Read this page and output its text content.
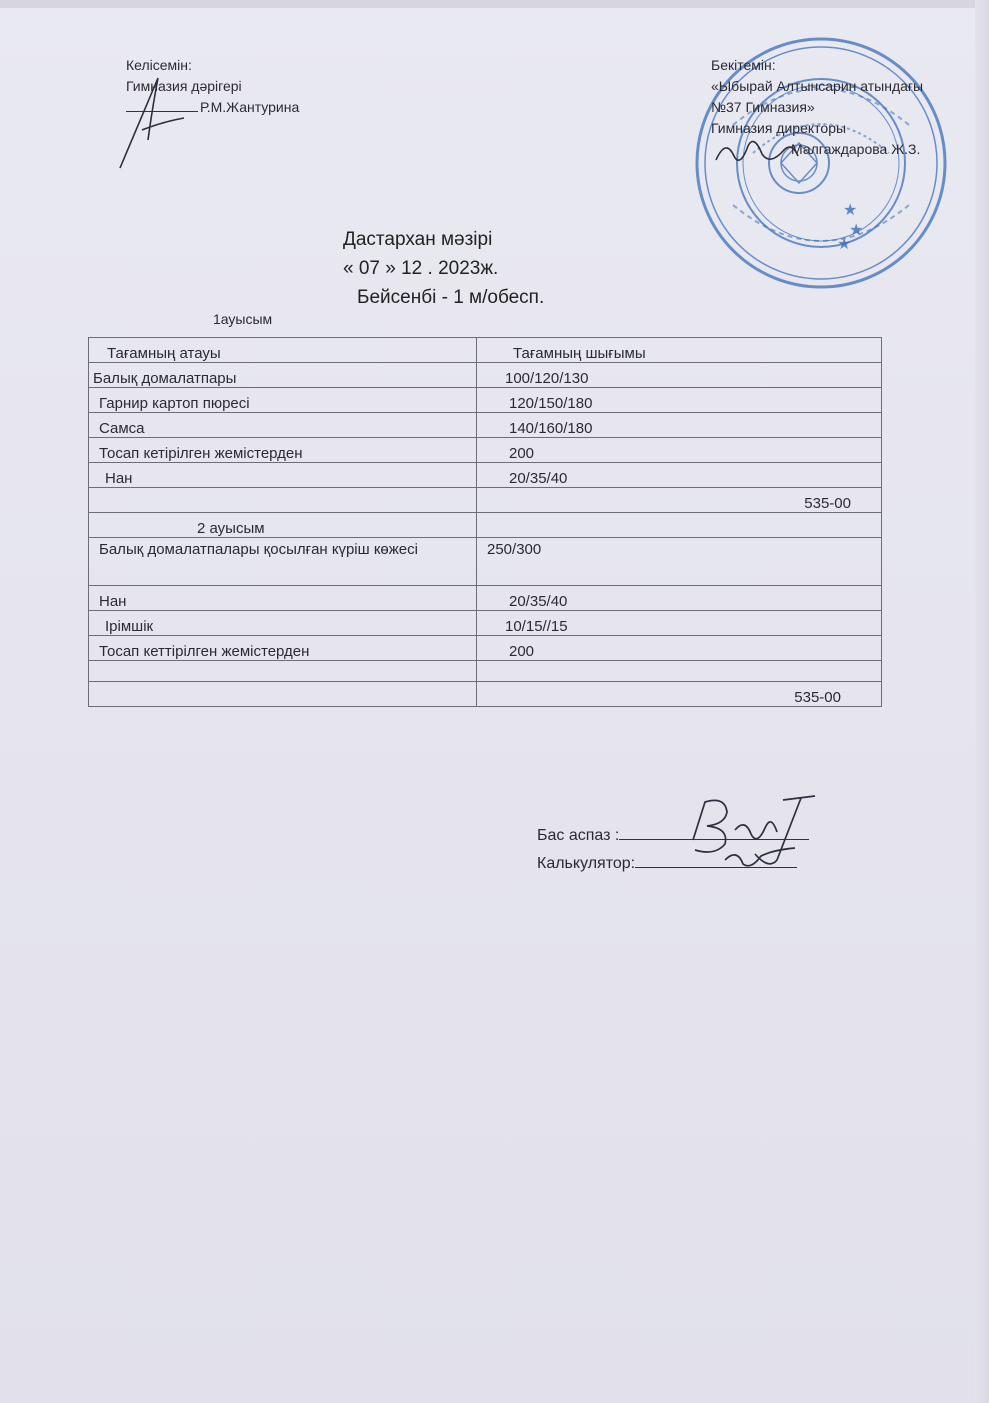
Келісемін:
Гимназия дәрігері
Р.М.Жантурина
★
★
★
Бекітемін:
«Ыбырай Алтынсарин атындағы
№37 Гимназия»
Гимназия директоры
Малгаждарова Ж.З.
Дастархан мәзірі
« 07 » 12 . 2023ж.
Бейсенбі - 1 м/обесп.
1ауысым
Тағамның атауы	Тағамның шығымы
Балық домалатпары	100/120/130
Гарнир картоп пюресі	120/150/180
Самса	140/160/180
Тосап кетірілген жемістерден	200
Нан	20/35/40
	535-00
2 ауысым	
Балық домалатпалары қосылған күріш көжесі	250/300
Нан	20/35/40
Ірімшік	10/15//15
Тосап кеттірілген жемістерден	200

	535-00
Бас аспаз :
Калькулятор:
